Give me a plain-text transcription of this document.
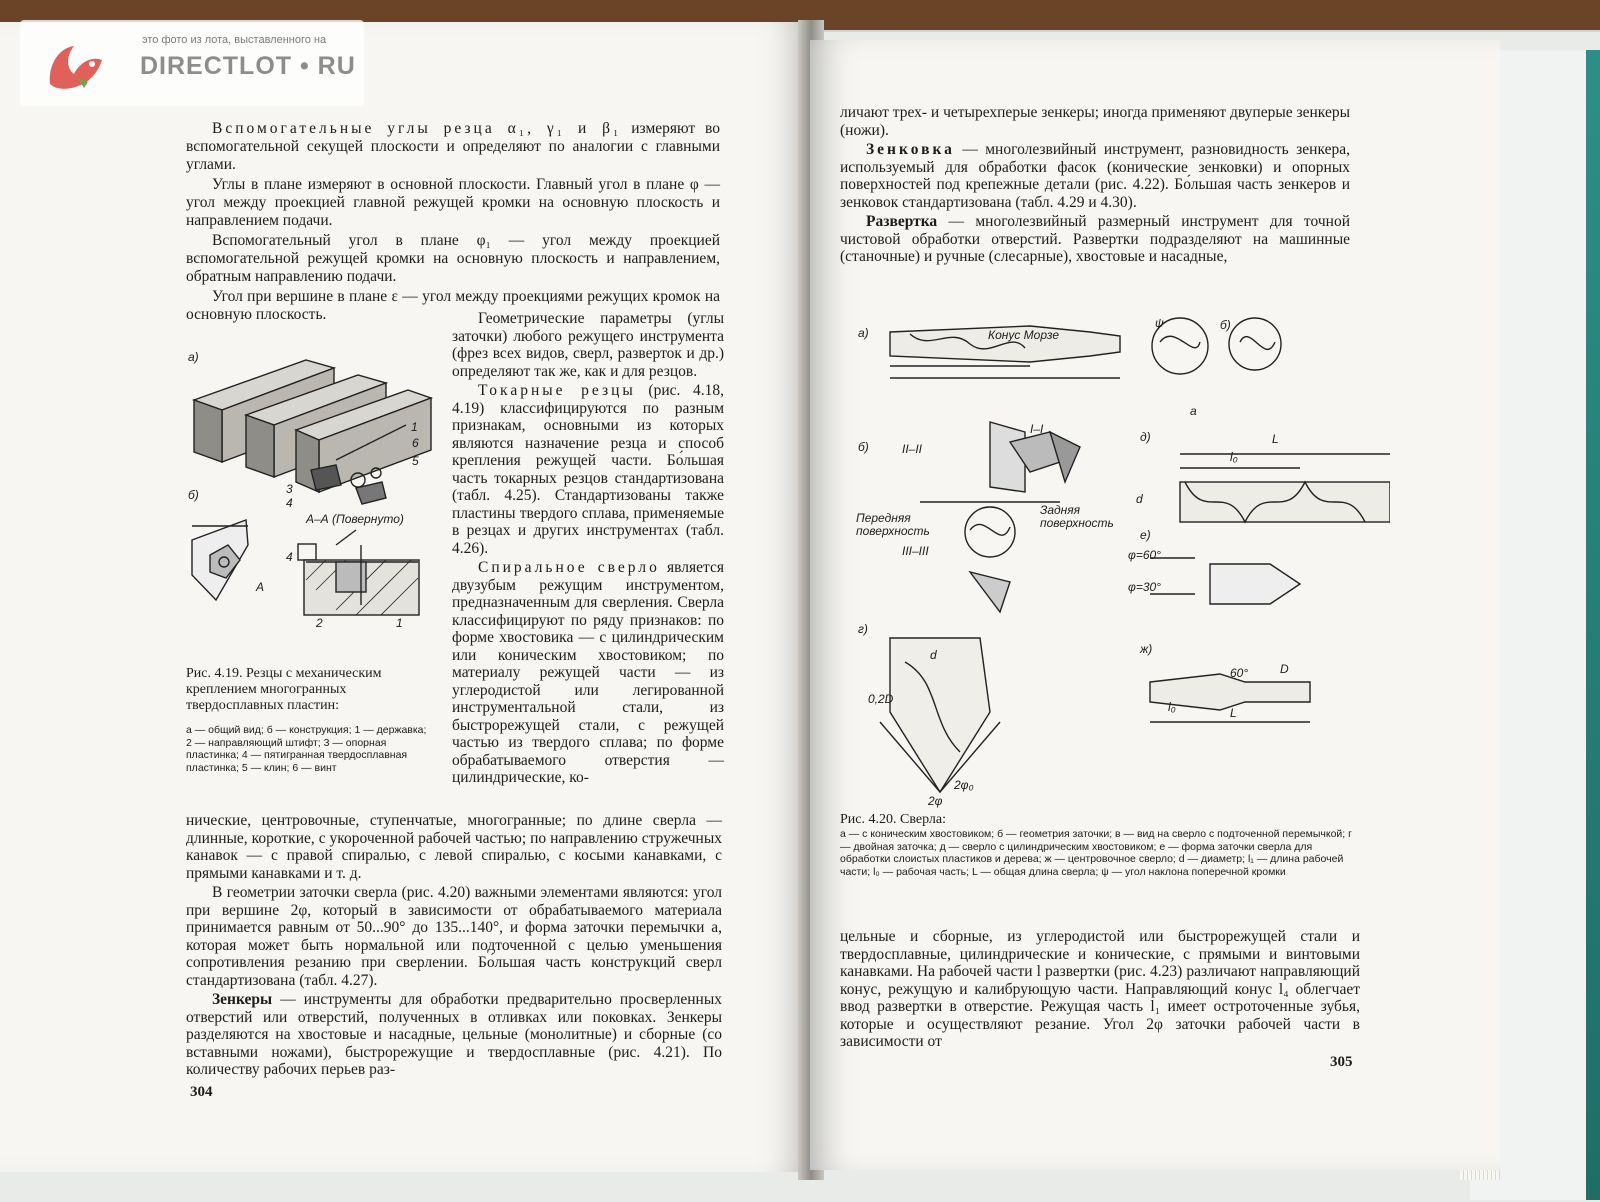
Вспомогательные углы резца α₁, γ₁ и β₁ измеряют во вспомогательной секущей плоскости и определяют по аналогии с главными углами.

Углы в плане измеряют в основной плоскости. Главный угол в плане φ — угол между проекцией главной режущей кромки на основную плоскость и направлением подачи.

Вспомогательный угол в плане φ₁ — угол между проекцией вспомогательной режущей кромки на основную плоскость и направлением, обратным направлению подачи.

Угол при вершине в плане ε — угол между проекциями режущих кромок на основную плоскость.

а)
б)
А–А (Повернуто)
1
6
5
3
4
4
2	1
А

Геометрические параметры (углы заточки) любого режущего инструмента (фрез всех видов, сверл, разверток и др.) определяют так же, как и для резцов.

Токарные резцы (рис. 4.18, 4.19) классифицируются по разным признакам, основными из которых являются назначение резца и способ крепления режущей части. Бо́льшая часть токарных резцов стандартизована (табл. 4.25). Стандартизованы также пластины твердого сплава, применяемые в резцах и других инструментах (табл. 4.26).

Спиральное сверло является двузубым режущим инструментом, предназначенным для сверления. Сверла классифицируют по ряду признаков: по форме хвостовика — с цилиндрическим или коническим хвостовиком; по материалу режущей части — из углеродистой или легированной инструментальной стали, из быстрорежущей стали, с режущей частью из твердого сплава; по форме обрабатываемого отверстия — цилиндрические, ко-

Рис. 4.19. Резцы с механическим креплением многогранных твердосплавных пластин:

а — общий вид; б — конструкция; 1 — державка; 2 — направляющий штифт; 3 — опорная пластинка; 4 — пятигранная твердосплавная пластинка; 5 — клин; 6 — винт

нические, центровочные, ступенчатые, многогранные; по длине сверла — длинные, короткие, с укороченной рабочей частью; по направлению стружечных канавок — с правой спиралью, с левой спиралью, с косыми канавками, с прямыми канавками и т. д.

В геометрии заточки сверла (рис. 4.20) важными элементами являются: угол при вершине 2φ, который в зависимости от обрабатываемого материала принимается равным от 50...90° до 135...140°, и форма заточки перемычки a, которая может быть нормальной или подточенной с целью уменьшения сопротивления резанию при сверлении. Бо́льшая часть конструкций сверл стандартизована (табл. 4.27).

Зенкеры — инструменты для обработки предварительно просверленных отверстий или отверстий, полученных в отливках или поковках. Зенкеры разделяются на хвостовые и насадные, цельные (монолитные) и сборные (со вставными ножами), быстрорежущие и твердосплавные (рис. 4.21). По количеству рабочих перьев раз-

304

личают трех- и четырехперые зенкеры; иногда применяют двуперые зенкеры (ножи).

Зенковка — многолезвийный инструмент, разновидность зенкера, используемый для обработки фасок (конические зенковки) и опорных поверхностей под крепежные детали (рис. 4.22). Бо́льшая часть зенкеров и зенковок стандартизована (табл. 4.29 и 4.30).

Развертка — многолезвийный размерный инструмент для точной чистовой обработки отверстий. Развертки подразделяют на машинные (станочные) и ручные (слесарные), хвостовые и насадные,

а)	Конус Морзе
б)
ψ
a
б)	II–II
I–I
Передняя поверхность
Задняя поверхность
III–III
д)	L
l₀
d
е)
φ=60°
φ=30°
г)
d
0,2D
2φ₀
2φ
ж)
60°	D
L
l₀

Рис. 4.20. Сверла:

а — с коническим хвостовиком; б — геометрия заточки; в — вид на сверло с подточенной перемычкой; г — двойная заточка; д — сверло с цилиндрическим хвостовиком; е — форма заточки сверла для обработки слоистых пластиков и дерева; ж — центровочное сверло; d — диаметр; l₁ — длина рабочей части; l₀ — рабочая часть; L — общая длина сверла; ψ — угол наклона поперечной кромки

цельные и сборные, из углеродистой или быстрорежущей стали и твердосплавные, цилиндрические и конические, с прямыми и винтовыми канавками. На рабочей части l развертки (рис. 4.23) различают направляющий конус, режущую и калибрующую части. Направляющий конус l₄ облегчает ввод развертки в отверстие. Режущая часть l₁ имеет остроточенные зубья, которые и осуществляют резание. Угол 2φ заточки рабочей части в зависимости от

305
это фото из лота, выставленного на
DIRECTLOT • RU
